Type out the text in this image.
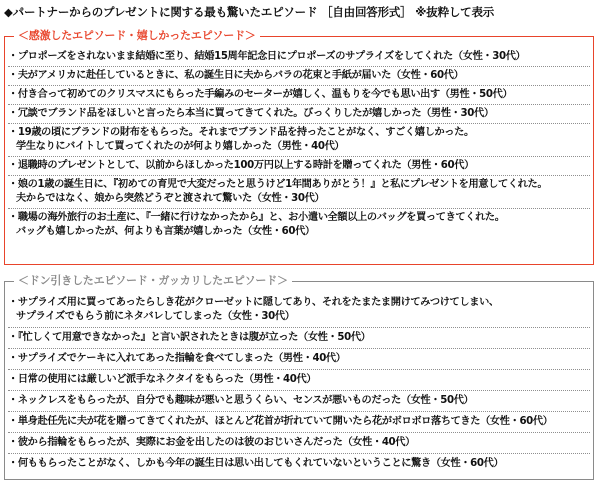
◆パートナーからのプレゼントに関する最も驚いたエピソード ［自由回答形式］ ※抜粋して表示
＜感激したエピソード・嬉しかったエピソード＞
・プロポーズをされないまま結婚に至り、結婚15周年記念日にプロポーズのサプライズをしてくれた（女性・30代）
・夫がアメリカに赴任しているときに、私の誕生日に夫からバラの花束と手紙が届いた（女性・60代）
・付き合って初めてのクリスマスにもらった手編みのセーターが嬉しく、温もりを今でも思い出す（男性・50代）
・冗談でブランド品をほしいと言ったら本当に買ってきてくれた。びっくりしたが嬉しかった（男性・30代）
・19歳の頃にブランドの財布をもらった。それまでブランド品を持ったことがなく、すごく嬉しかった。
学生なりにバイトして買ってくれたのが何より嬉しかった（男性・40代）
・退職時のプレゼントとして、以前からほしかった100万円以上する時計を贈ってくれた（男性・60代）
・娘の1歳の誕生日に、『初めての育児で大変だったと思うけど1年間ありがとう！』と私にプレゼントを用意してくれた。
夫からではなく、娘から突然どうぞと渡されて驚いた（女性・30代）
・職場の海外旅行のお土産に、『一緒に行けなかったから』と、お小遣い全額以上のバッグを買ってきてくれた。
バッグも嬉しかったが、何よりも言葉が嬉しかった（女性・60代）
＜ドン引きしたエピソード・ガッカリしたエピソード＞
・サプライズ用に買ってあったらしき花がクローゼットに隠してあり、それをたまたま開けてみつけてしまい、
サプライズでもらう前にネタバレしてしまった（女性・30代）
・『忙しくて用意できなかった』と言い訳されたときは腹が立った（女性・50代）
・サプライズでケーキに入れてあった指輪を食べてしまった（男性・40代）
・日常の使用には厳しいど派手なネクタイをもらった（男性・40代）
・ネックレスをもらったが、自分でも趣味が悪いと思うくらい、センスが悪いものだった（女性・50代）
・単身赴任先に夫が花を贈ってきてくれたが、ほとんど花首が折れていて開いたら花がボロボロ落ちてきた（女性・60代）
・彼から指輪をもらったが、実際にお金を出したのは彼のおじいさんだった（女性・40代）
・何ももらったことがなく、しかも今年の誕生日は思い出してもくれていないということに驚き（女性・60代）
